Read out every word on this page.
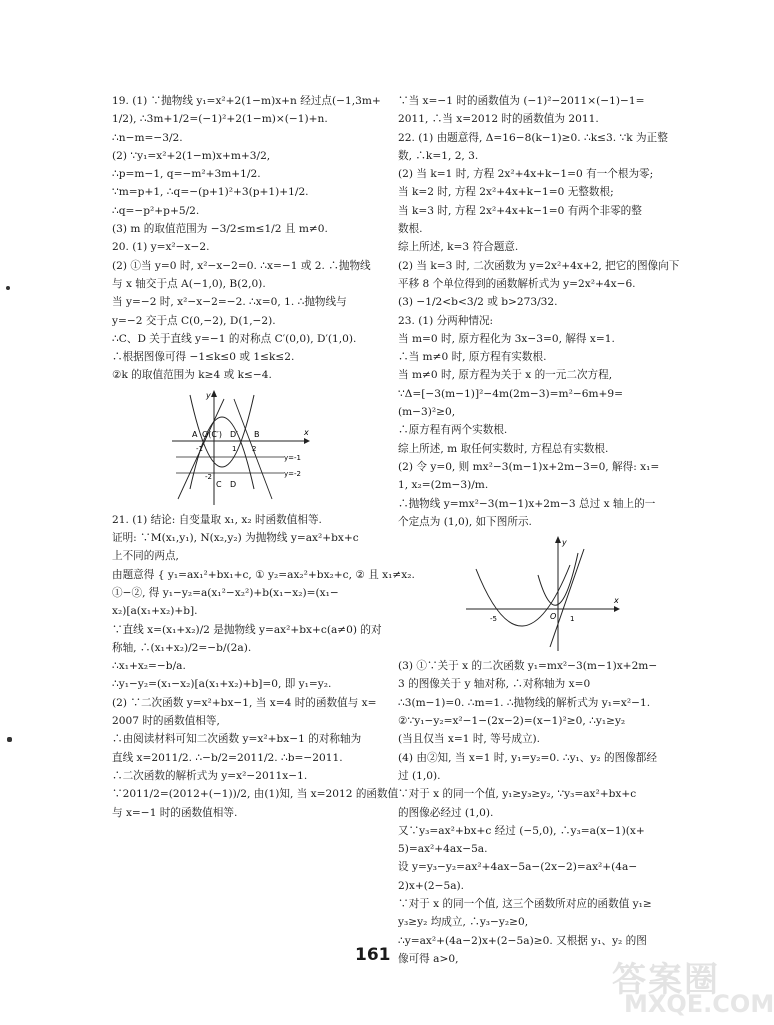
19. (1) ∵抛物线 y₁=x²+2(1−m)x+n 经过点(−1,3m+
1/2), ∴3m+1/2=(−1)²+2(1−m)×(−1)+n.
∴n−m=−3/2.
(2) ∵y₁=x²+2(1−m)x+m+3/2,
∴p=m−1, q=−m²+3m+1/2.
∵m=p+1, ∴q=−(p+1)²+3(p+1)+1/2.
∴q=−p²+p+5/2.
(3) m 的取值范围为 −3/2≤m≤1/2 且 m≠0.
20. (1) y=x²−x−2.
(2) ①当 y=0 时, x²−x−2=0. ∴x=−1 或 2. ∴抛物线
与 x 轴交于点 A(−1,0), B(2,0).
当 y=−2 时, x²−x−2=−2. ∴x=0, 1. ∴抛物线与
y=−2 交于点 C(0,−2), D(1,−2).
∴C、D 关于直线 y=−1 的对称点 C′(0,0), D′(1,0).
∴根据图像可得 −1≤k≤0 或 1≤k≤2.
②k 的取值范围为 k≥4 或 k≤−4.
A O(C′) D′ B
C D
-1	1 2
-2
y=-1
y=-2
y
x
21. (1) 结论: 自变量取 x₁, x₂ 时函数值相等.
证明: ∵M(x₁,y₁), N(x₂,y₂) 为抛物线 y=ax²+bx+c
上不同的两点,
由题意得 { y₁=ax₁²+bx₁+c, ① y₂=ax₂²+bx₂+c, ② 且 x₁≠x₂.
①−②, 得 y₁−y₂=a(x₁²−x₂²)+b(x₁−x₂)=(x₁−
x₂)[a(x₁+x₂)+b].
∵直线 x=(x₁+x₂)/2 是抛物线 y=ax²+bx+c(a≠0) 的对
称轴, ∴(x₁+x₂)/2=−b/(2a).
∴x₁+x₂=−b/a.
∴y₁−y₂=(x₁−x₂)[a(x₁+x₂)+b]=0, 即 y₁=y₂.
(2) ∵二次函数 y=x²+bx−1, 当 x=4 时的函数值与 x=
2007 时的函数值相等,
∴由阅读材料可知二次函数 y=x²+bx−1 的对称轴为
直线 x=2011/2. ∴−b/2=2011/2. ∴b=−2011.
∴二次函数的解析式为 y=x²−2011x−1.
∵2011/2=(2012+(−1))/2, 由(1)知, 当 x=2012 的函数值
与 x=−1 时的函数值相等.
∵当 x=−1 时的函数值为 (−1)²−2011×(−1)−1=
2011, ∴当 x=2012 时的函数值为 2011.
22. (1) 由题意得, Δ=16−8(k−1)≥0. ∴k≤3. ∵k 为正整
数, ∴k=1, 2, 3.
(2) 当 k=1 时, 方程 2x²+4x+k−1=0 有一个根为零;
当 k=2 时, 方程 2x²+4x+k−1=0 无整数根;
当 k=3 时, 方程 2x²+4x+k−1=0 有两个非零的整
数根.
综上所述, k=3 符合题意.
(2) 当 k=3 时, 二次函数为 y=2x²+4x+2, 把它的图像向下
平移 8 个单位得到的函数解析式为 y=2x²+4x−6.
(3) −1/2<b<3/2 或 b>273/32.
23. (1) 分两种情况:
当 m=0 时, 原方程化为 3x−3=0, 解得 x=1.
∴当 m≠0 时, 原方程有实数根.
当 m≠0 时, 原方程为关于 x 的一元二次方程,
∵Δ=[−3(m−1)]²−4m(2m−3)=m²−6m+9=
(m−3)²≥0,
∴原方程有两个实数根.
综上所述, m 取任何实数时, 方程总有实数根.
(2) 令 y=0, 则 mx²−3(m−1)x+2m−3=0, 解得: x₁=
1, x₂=(2m−3)/m.
∴抛物线 y=mx²−3(m−1)x+2m−3 总过 x 轴上的一
个定点为 (1,0), 如下图所示.
-5	O 1
y
x
(3) ①∵关于 x 的二次函数 y₁=mx²−3(m−1)x+2m−
3 的图像关于 y 轴对称, ∴对称轴为 x=0
∴3(m−1)=0. ∴m=1. ∴抛物线的解析式为 y₁=x²−1.
②∵y₁−y₂=x²−1−(2x−2)=(x−1)²≥0, ∴y₁≥y₂
(当且仅当 x=1 时, 等号成立).
(4) 由②知, 当 x=1 时, y₁=y₂=0. ∴y₁、y₂ 的图像都经
过 (1,0).
∵对于 x 的同一个值, y₁≥y₃≥y₂, ∵y₃=ax²+bx+c
的图像必经过 (1,0).
又∵y₃=ax²+bx+c 经过 (−5,0), ∴y₃=a(x−1)(x+
5)=ax²+4ax−5a.
设 y=y₃−y₂=ax²+4ax−5a−(2x−2)=ax²+(4a−
2)x+(2−5a).
∵对于 x 的同一个值, 这三个函数所对应的函数值 y₁≥
y₃≥y₂ 均成立, ∴y₃−y₂≥0,
∴y=ax²+(4a−2)x+(2−5a)≥0. 又根据 y₁、y₂ 的图
像可得 a>0,
161
答案圈
MXQE.COM
